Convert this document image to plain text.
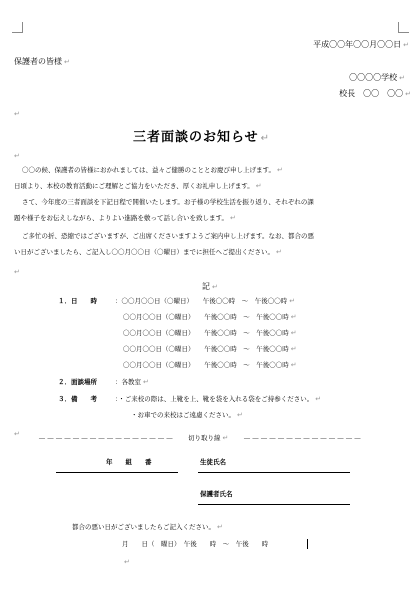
平成〇〇年〇〇月〇〇日 ↵
保護者の皆様 ↵
〇〇〇〇学校 ↵
校長　〇〇　〇〇 ↵
↵
三者面談のお知らせ ↵
↵
〇〇の候、保護者の皆様におかれましては、益々ご健勝のこととお慶び申し上げます。 ↵
日頃より、本校の教育活動にご理解とご協力をいただき、厚くお礼申し上げます。 ↵
さて、今年度の三者面談を下記日程で開催いたします。お子様の学校生活を振り返り、それぞれの課
題や様子をお伝えしながら、よりよい進路を敷って話し合いを致します。 ↵
ご多忙の折、恐縮ではございますが、ご出席くださいますようご案内申し上げます。なお、都合の悪
い日がございましたら、ご記入し〇〇月〇〇日（〇曜日）までに担任へご提出ください。 ↵
↵
記 ↵
１．日　　時	：〇〇月〇〇日（〇曜日）　　午後〇〇時　～　午後〇〇時 ↵
〇〇月〇〇日（〇曜日）　　午後〇〇時　～　午後〇〇時 ↵
〇〇月〇〇日（〇曜日）　　午後〇〇時　～　午後〇〇時 ↵
〇〇月〇〇日（〇曜日）　　午後〇〇時　～　午後〇〇時 ↵
〇〇月〇〇日（〇曜日）　　午後〇〇時　～　午後〇〇時 ↵
２．面談場所	：各教室 ↵
３．備　　考	：・ご来校の際は、上靴を上、靴を袋を入れる袋をご持参ください。 ↵
・お車での来校はご遠慮ください。 ↵
↵ －－－－－－－－－－－－－－－－ 切り取り線 ↵ －－－－－－－－－－－－－－
年　　組　　番	生徒氏名
保護者氏名
都合の悪い日がございましたらご記入ください。 ↵
月　　日（　曜日）　午後　　時　～　午後　　時
↵
